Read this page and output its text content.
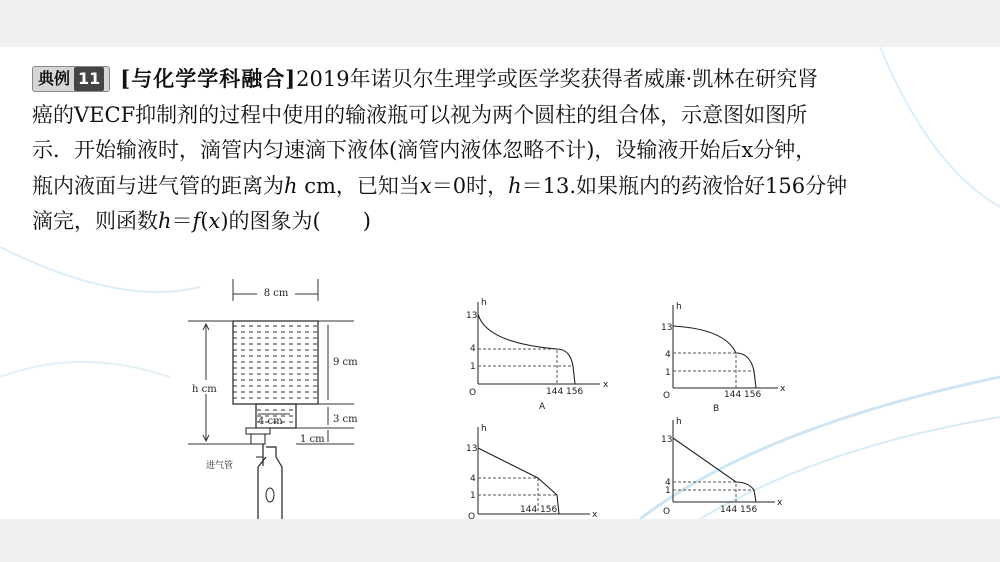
典例 11 [与化学学科融合]2019年诺贝尔生理学或医学奖获得者威廉·凯林在研究肾
癌的VECF抑制剂的过程中使用的输液瓶可以视为两个圆柱的组合体，示意图如图所
示．开始输液时，滴管内匀速滴下液体(滴管内液体忽略不计)，设输液开始后x分钟，
瓶内液面与进气管的距离为h cm，已知当x＝0时，h＝13.如果瓶内的药液恰好156分钟
滴完，则函数h＝f(x)的图象为(　　)
8 cm
进气管
4 cm
h cm
9 cm
3 cm
1 cm
h
x
O
13
4
1
144 156
A
h
x
O
13
4
1
144 156
B
h
x
O
13
4
1
144 156
h
x
O
13
4
1
144 156
